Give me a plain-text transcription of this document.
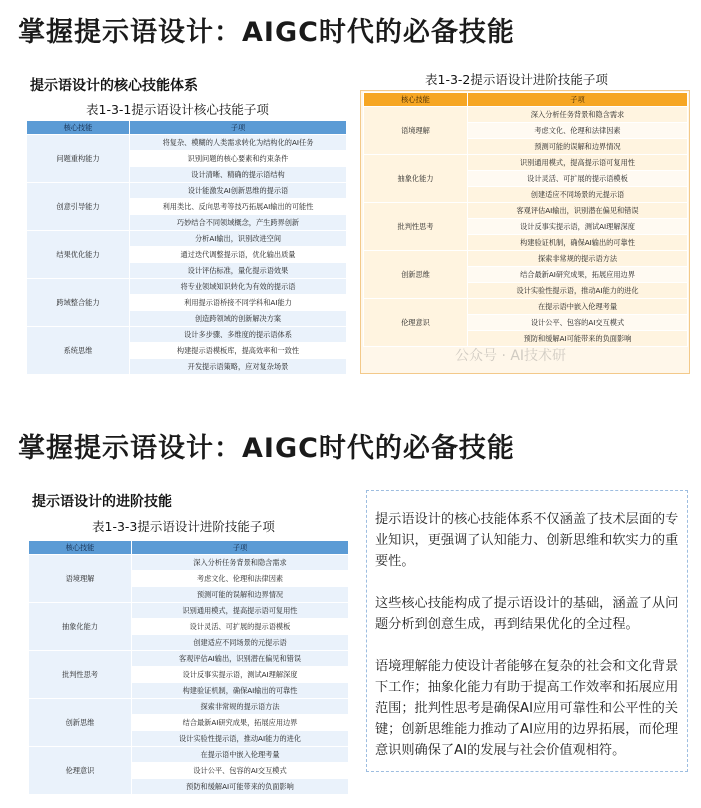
掌握提示语设计：AIGC时代的必备技能
提示语设计的核心技能体系
表1-3-1提示语设计核心技能子项
核心技能	子项
问题重构能力	将复杂、模糊的人类需求转化为结构化的AI任务
	识别问题的核心要素和约束条件
	设计清晰、精确的提示语结构
创意引导能力	设计能激发AI创新思维的提示语
	利用类比、反向思考等技巧拓展AI输出的可能性
	巧妙结合不同领域概念，产生跨界创新
结果优化能力	分析AI输出，识别改进空间
	通过迭代调整提示语，优化输出质量
	设计评估标准，量化提示语效果
跨域整合能力	将专业领域知识转化为有效的提示语
	利用提示语桥接不同学科和AI能力
	创造跨领域的创新解决方案
系统思维	设计多步骤、多维度的提示语体系
	构建提示语模板库，提高效率和一致性
	开发提示语策略，应对复杂场景
表1-3-2提示语设计进阶技能子项
核心技能	子项
语境理解	深入分析任务背景和隐含需求
	考虑文化、伦理和法律因素
	预测可能的误解和边界情况
抽象化能力	识别通用模式，提高提示语可复用性
	设计灵活、可扩展的提示语模板
	创建适应不同场景的元提示语
批判性思考	客观评估AI输出，识别潜在偏见和错误
	设计反事实提示语，测试AI理解深度
	构建验证机制，确保AI输出的可靠性
创新思维	探索非常规的提示语方法
	结合最新AI研究成果，拓展应用边界
	设计实验性提示语，推动AI能力的进化
伦理意识	在提示语中嵌入伦理考量
	设计公平、包容的AI交互模式
	预防和缓解AI可能带来的负面影响
公众号 · AI技术研
掌握提示语设计：AIGC时代的必备技能
提示语设计的进阶技能
表1-3-3提示语设计进阶技能子项
核心技能	子项
语境理解	深入分析任务背景和隐含需求
	考虑文化、伦理和法律因素
	预测可能的误解和边界情况
抽象化能力	识别通用模式，提高提示语可复用性
	设计灵活、可扩展的提示语模板
	创建适应不同场景的元提示语
批判性思考	客观评估AI输出，识别潜在偏见和错误
	设计反事实提示语，测试AI理解深度
	构建验证机制，确保AI输出的可靠性
创新思维	探索非常规的提示语方法
	结合最新AI研究成果，拓展应用边界
	设计实验性提示语，推动AI能力的进化
伦理意识	在提示语中嵌入伦理考量
	设计公平、包容的AI交互模式
	预防和缓解AI可能带来的负面影响

提示语设计的核心技能体系不仅涵盖了技术层面的专业知识，更强调了认知能力、创新思维和软实力的重要性。

这些核心技能构成了提示语设计的基础，涵盖了从问题分析到创意生成，再到结果优化的全过程。

语境理解能力使设计者能够在复杂的社会和文化背景下工作；抽象化能力有助于提高工作效率和拓展应用范围；批判性思考是确保AI应用可靠性和公平性的关键；创新思维能力推动了AI应用的边界拓展，而伦理意识则确保了AI的发展与社会价值观相符。
